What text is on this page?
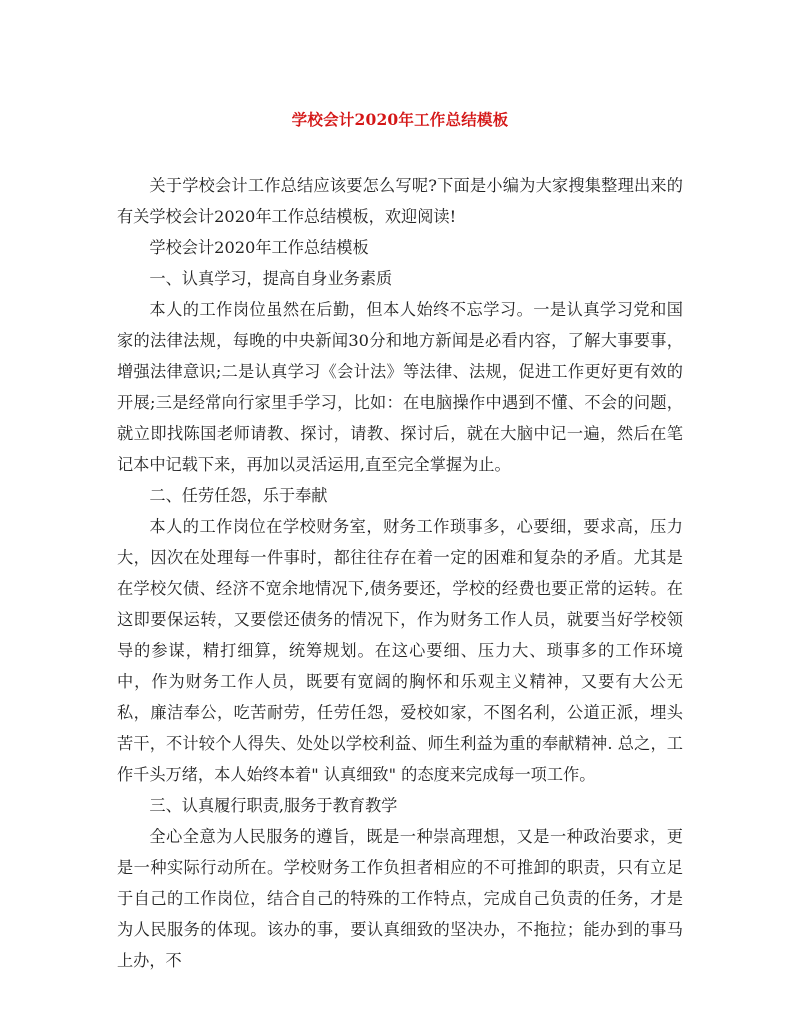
学校会计2020年工作总结模板

关于学校会计工作总结应该要怎么写呢?下面是小编为大家搜集整理出来的有关学校会计2020年工作总结模板，欢迎阅读!

学校会计2020年工作总结模板

一、认真学习，提高自身业务素质

本人的工作岗位虽然在后勤，但本人始终不忘学习。一是认真学习党和国家的法律法规，每晚的中央新闻30分和地方新闻是必看内容，了解大事要事，增强法律意识;二是认真学习《会计法》等法律、法规，促进工作更好更有效的开展;三是经常向行家里手学习，比如：在电脑操作中遇到不懂、不会的问题，就立即找陈国老师请教、探讨，请教、探讨后，就在大脑中记一遍，然后在笔记本中记载下来，再加以灵活运用,直至完全掌握为止。

二、任劳任怨，乐于奉献

本人的工作岗位在学校财务室，财务工作琐事多，心要细，要求高，压力大，因次在处理每一件事时，都往往存在着一定的困难和复杂的矛盾。尤其是在学校欠债、经济不宽余地情况下,债务要还，学校的经费也要正常的运转。在这即要保运转，又要偿还债务的情况下，作为财务工作人员，就要当好学校领导的参谋，精打细算，统筹规划。在这心要细、压力大、琐事多的工作环境中，作为财务工作人员，既要有宽阔的胸怀和乐观主义精神，又要有大公无私，廉洁奉公，吃苦耐劳，任劳任怨，爱校如家，不图名利，公道正派，埋头苦干，不计较个人得失、处处以学校利益、师生利益为重的奉献精神. 总之，工作千头万绪，本人始终本着" 认真细致" 的态度来完成每一项工作。

三、认真履行职责,服务于教育教学

全心全意为人民服务的遵旨，既是一种崇高理想，又是一种政治要求，更是一种实际行动所在。学校财务工作负担者相应的不可推卸的职责，只有立足于自己的工作岗位，结合自己的特殊的工作特点，完成自己负责的任务，才是为人民服务的体现。该办的事，要认真细致的坚决办，不拖拉；能办到的事马上办，不
